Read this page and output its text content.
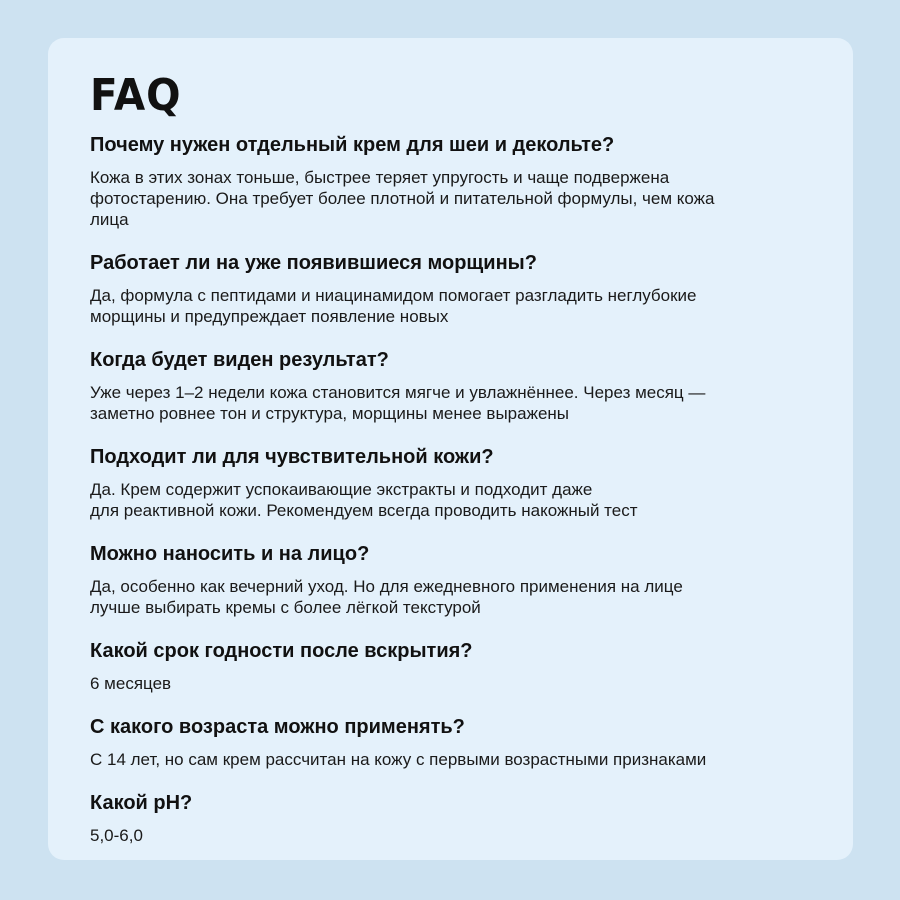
FAQ

Почему нужен отдельный крем для шеи и декольте?

Кожа в этих зонах тоньше, быстрее теряет упругость и чаще подвержена
фотостарению. Она требует более плотной и питательной формулы, чем кожа
лица

Работает ли на уже появившиеся морщины?

Да, формула с пептидами и ниацинамидом помогает разгладить неглубокие
морщины и предупреждает появление новых

Когда будет виден результат?

Уже через 1–2 недели кожа становится мягче и увлажнённее. Через месяц —
заметно ровнее тон и структура, морщины менее выражены

Подходит ли для чувствительной кожи?

Да. Крем содержит успокаивающие экстракты и подходит даже
для реактивной кожи. Рекомендуем всегда проводить накожный тест

Можно наносить и на лицо?

Да, особенно как вечерний уход. Но для ежедневного применения на лице
лучше выбирать кремы с более лёгкой текстурой

Какой срок годности после вскрытия?

6 месяцев

С какого возраста можно применять?

С 14 лет, но сам крем рассчитан на кожу с первыми возрастными признаками

Какой pH?

5,0-6,0
